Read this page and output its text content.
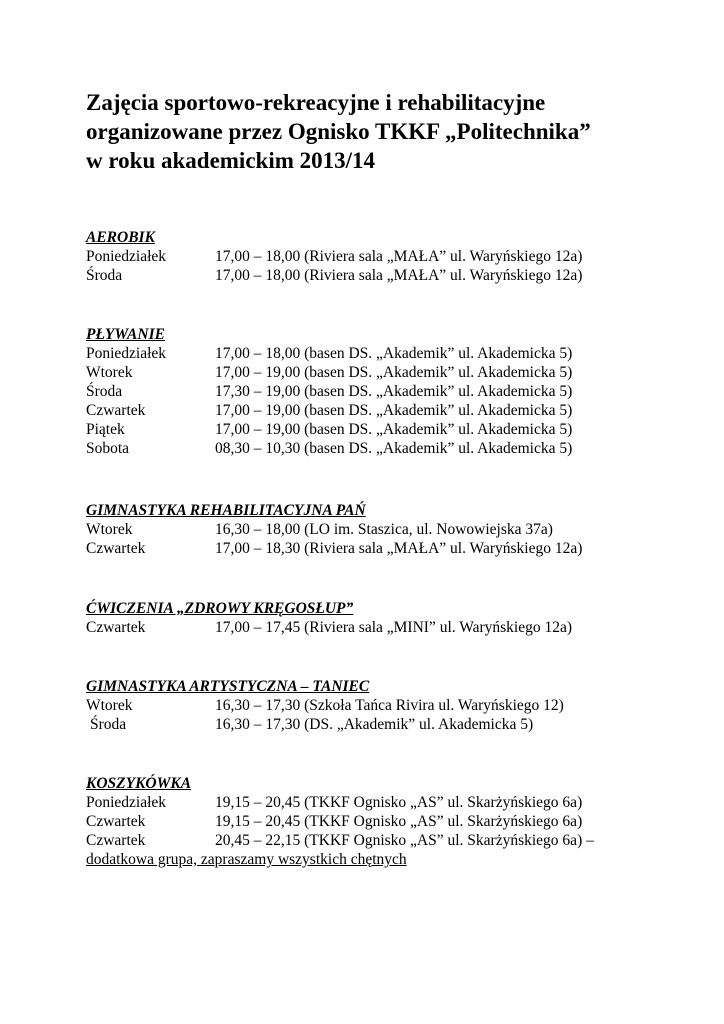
Zajęcia sportowo-rekreacyjne i rehabilitacyjne
organizowane przez Ognisko TKKF „Politechnika”
w roku akademickim 2013/14
AEROBIK
Poniedziałek	17,00 – 18,00 (Riviera sala „MAŁA” ul. Waryńskiego 12a)
Środa	17,00 – 18,00 (Riviera sala „MAŁA” ul. Waryńskiego 12a)
PŁYWANIE
Poniedziałek	17,00 – 18,00 (basen DS. „Akademik” ul. Akademicka 5)
Wtorek	17,00 – 19,00 (basen DS. „Akademik” ul. Akademicka 5)
Środa	17,30 – 19,00 (basen DS. „Akademik” ul. Akademicka 5)
Czwartek	17,00 – 19,00 (basen DS. „Akademik” ul. Akademicka 5)
Piątek	17,00 – 19,00 (basen DS. „Akademik” ul. Akademicka 5)
Sobota	08,30 – 10,30 (basen DS. „Akademik” ul. Akademicka 5)
GIMNASTYKA REHABILITACYJNA PAŃ
Wtorek	16,30 – 18,00 (LO im. Staszica, ul. Nowowiejska 37a)
Czwartek	17,00 – 18,30 (Riviera sala „MAŁA” ul. Waryńskiego 12a)
ĆWICZENIA „ZDROWY KRĘGOSŁUP”
Czwartek	17,00 – 17,45 (Riviera sala „MINI” ul. Waryńskiego 12a)
GIMNASTYKA ARTYSTYCZNA – TANIEC
Wtorek	16,30 – 17,30 (Szkoła Tańca Rivira ul. Waryńskiego 12)
Środa	16,30 – 17,30 (DS. „Akademik” ul. Akademicka 5)
KOSZYKÓWKA
Poniedziałek	19,15 – 20,45 (TKKF Ognisko „AS” ul. Skarżyńskiego 6a)
Czwartek	19,15 – 20,45 (TKKF Ognisko „AS” ul. Skarżyńskiego 6a)
Czwartek	20,45 – 22,15 (TKKF Ognisko „AS” ul. Skarżyńskiego 6a) –
dodatkowa grupa, zapraszamy wszystkich chętnych
